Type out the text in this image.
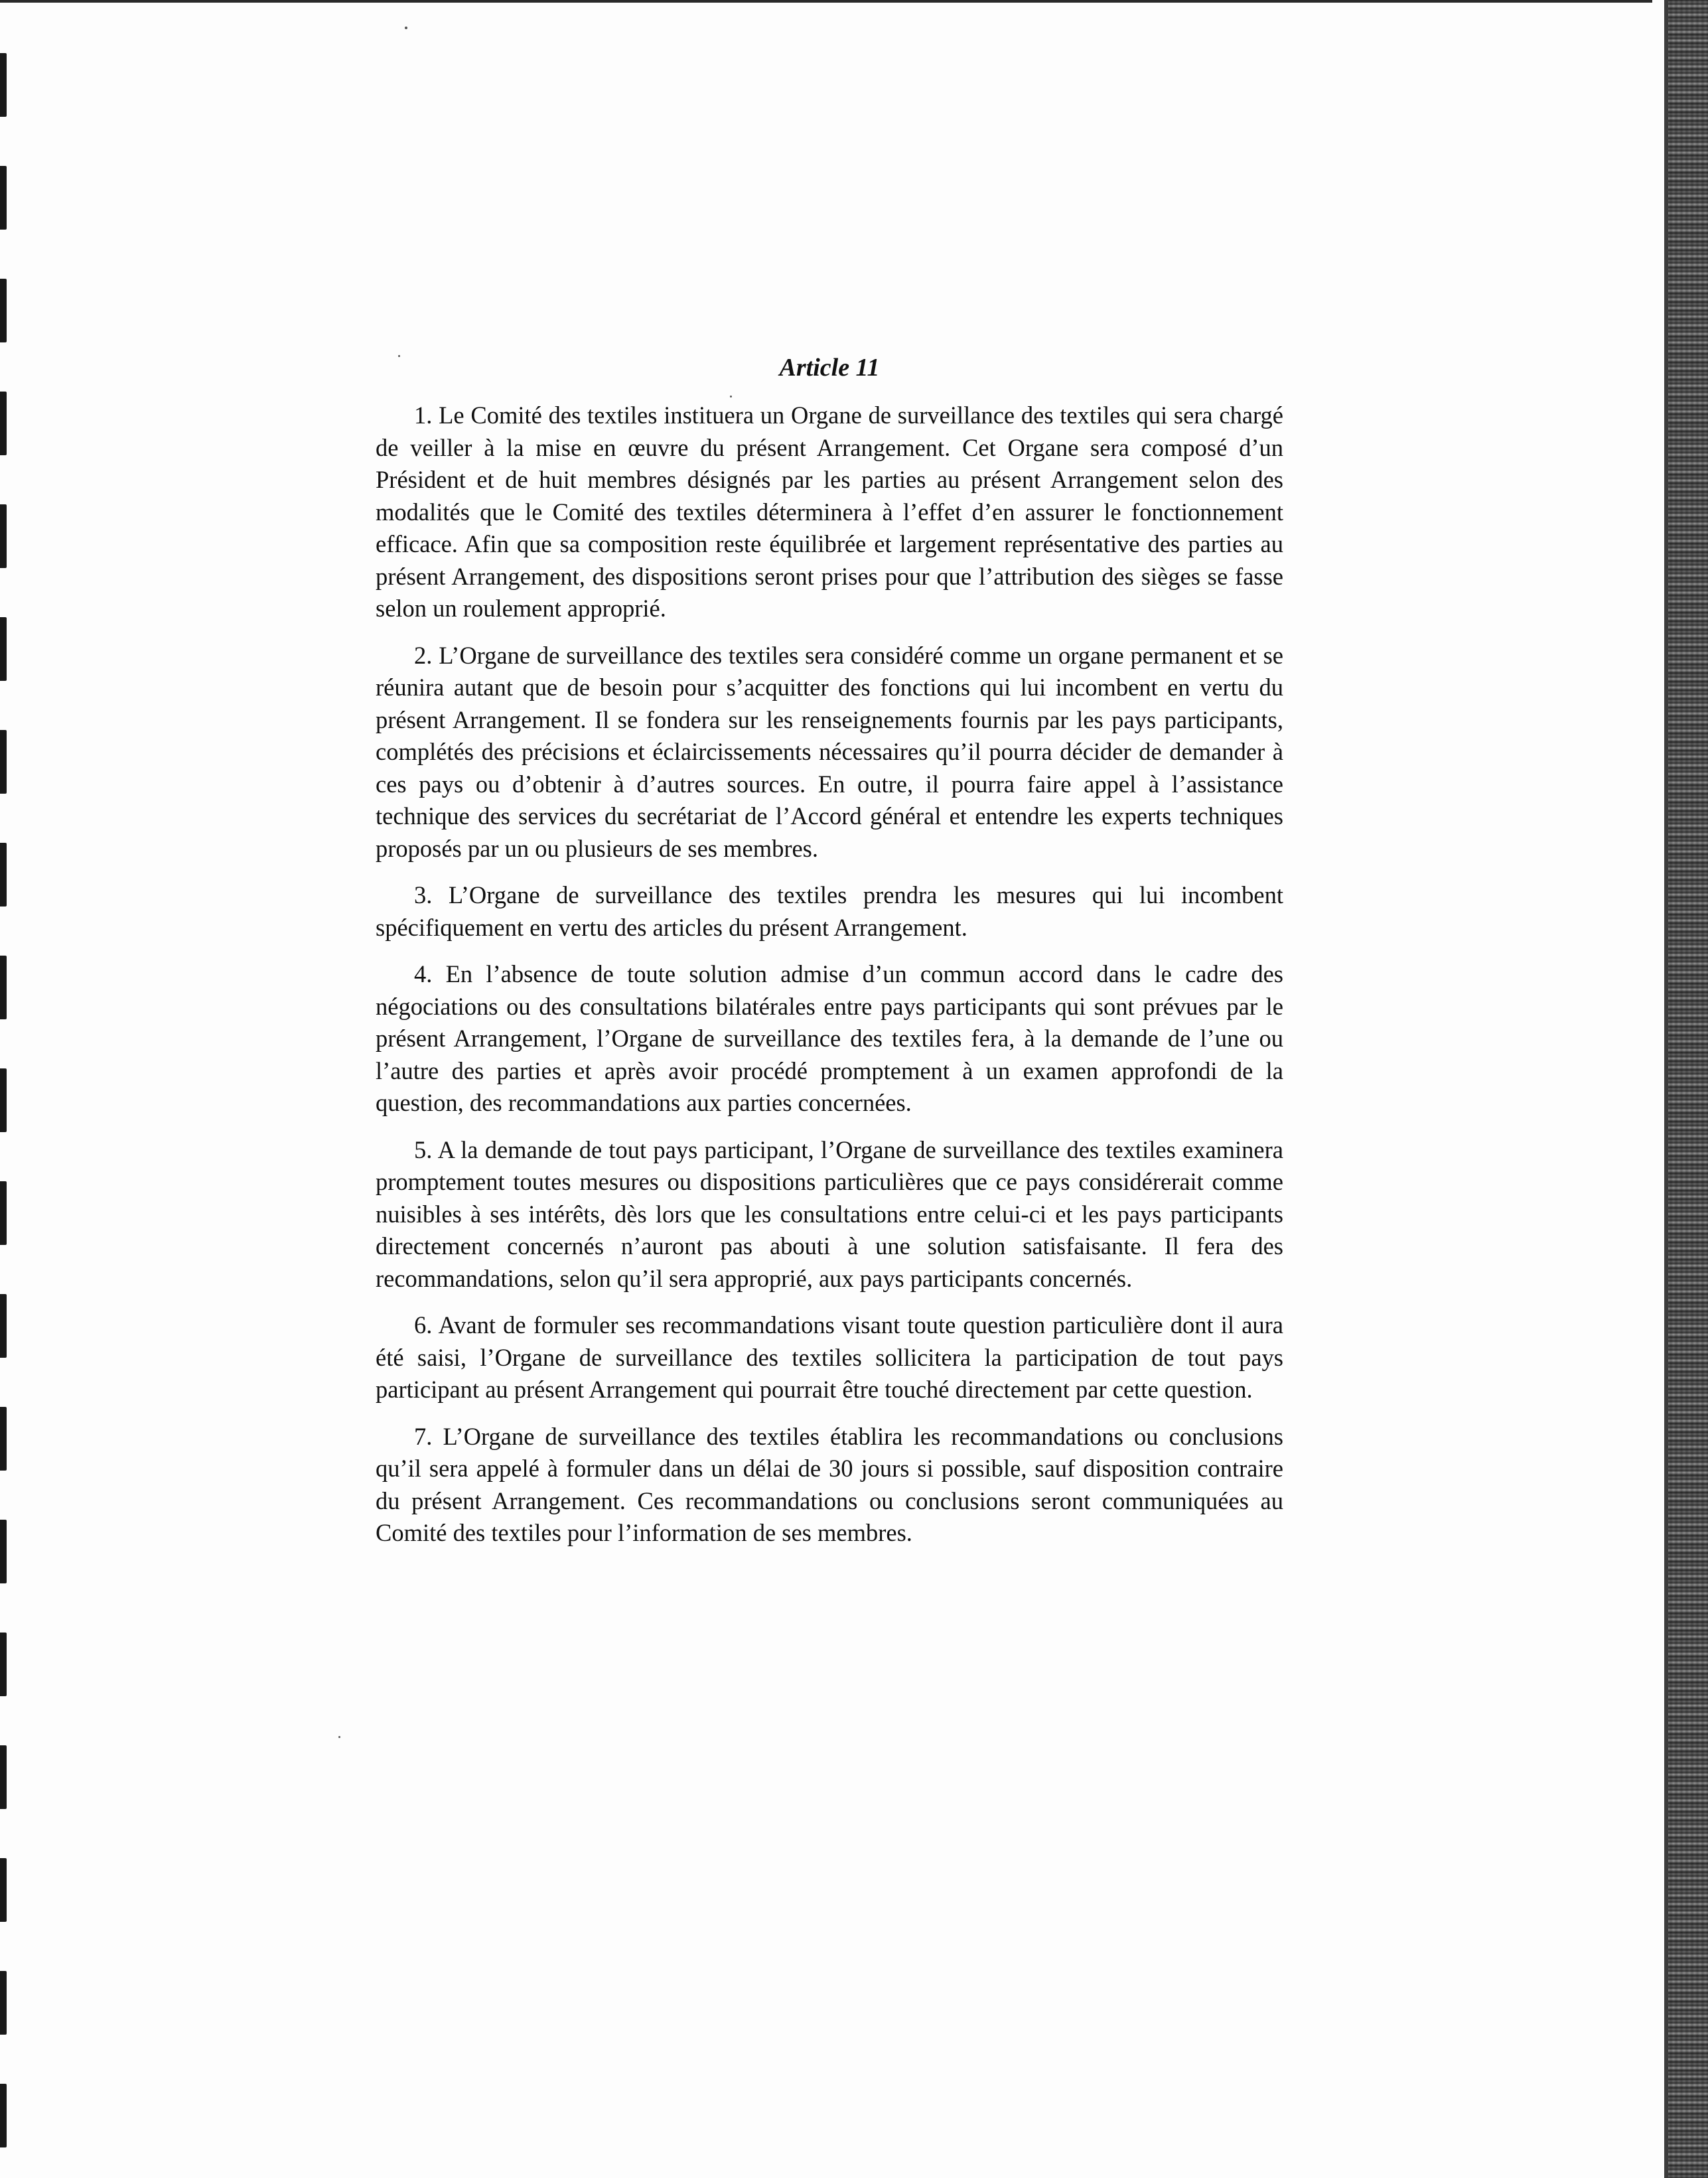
Article 11

1. Le Comité des textiles instituera un Organe de surveillance des textiles qui sera chargé de veiller à la mise en œuvre du présent Arrangement. Cet Organe sera composé d’un Président et de huit membres désignés par les parties au présent Arrangement selon des modalités que le Comité des textiles déterminera à l’effet d’en assurer le fonctionnement efficace. Afin que sa composition reste équilibrée et largement représentative des parties au présent Arrangement, des dispositions seront prises pour que l’attribution des sièges se fasse selon un roulement approprié.

2. L’Organe de surveillance des textiles sera considéré comme un organe permanent et se réunira autant que de besoin pour s’acquitter des fonctions qui lui incombent en vertu du présent Arrangement. Il se fondera sur les renseignements fournis par les pays participants, complétés des précisions et éclaircissements nécessaires qu’il pourra décider de demander à ces pays ou d’obtenir à d’autres sources. En outre, il pourra faire appel à l’assistance technique des services du secrétariat de l’Accord général et entendre les experts techniques proposés par un ou plusieurs de ses membres.

3. L’Organe de surveillance des textiles prendra les mesures qui lui incombent spécifiquement en vertu des articles du présent Arrangement.

4. En l’absence de toute solution admise d’un commun accord dans le cadre des négociations ou des consultations bilatérales entre pays participants qui sont prévues par le présent Arrangement, l’Organe de surveillance des textiles fera, à la demande de l’une ou l’autre des parties et après avoir procédé promptement à un examen approfondi de la question, des recommandations aux parties concernées.

5. A la demande de tout pays participant, l’Organe de surveillance des textiles examinera promptement toutes mesures ou dispositions particulières que ce pays considérerait comme nuisibles à ses intérêts, dès lors que les consultations entre celui-ci et les pays participants directement concernés n’auront pas abouti à une solution satisfaisante. Il fera des recommandations, selon qu’il sera approprié, aux pays participants concernés.

6. Avant de formuler ses recommandations visant toute question particulière dont il aura été saisi, l’Organe de surveillance des textiles sollicitera la participation de tout pays participant au présent Arrangement qui pourrait être touché directement par cette question.

7. L’Organe de surveillance des textiles établira les recommandations ou conclusions qu’il sera appelé à formuler dans un délai de 30 jours si possible, sauf disposition contraire du présent Arrangement. Ces recommandations ou conclusions seront communiquées au Comité des textiles pour l’information de ses membres.
